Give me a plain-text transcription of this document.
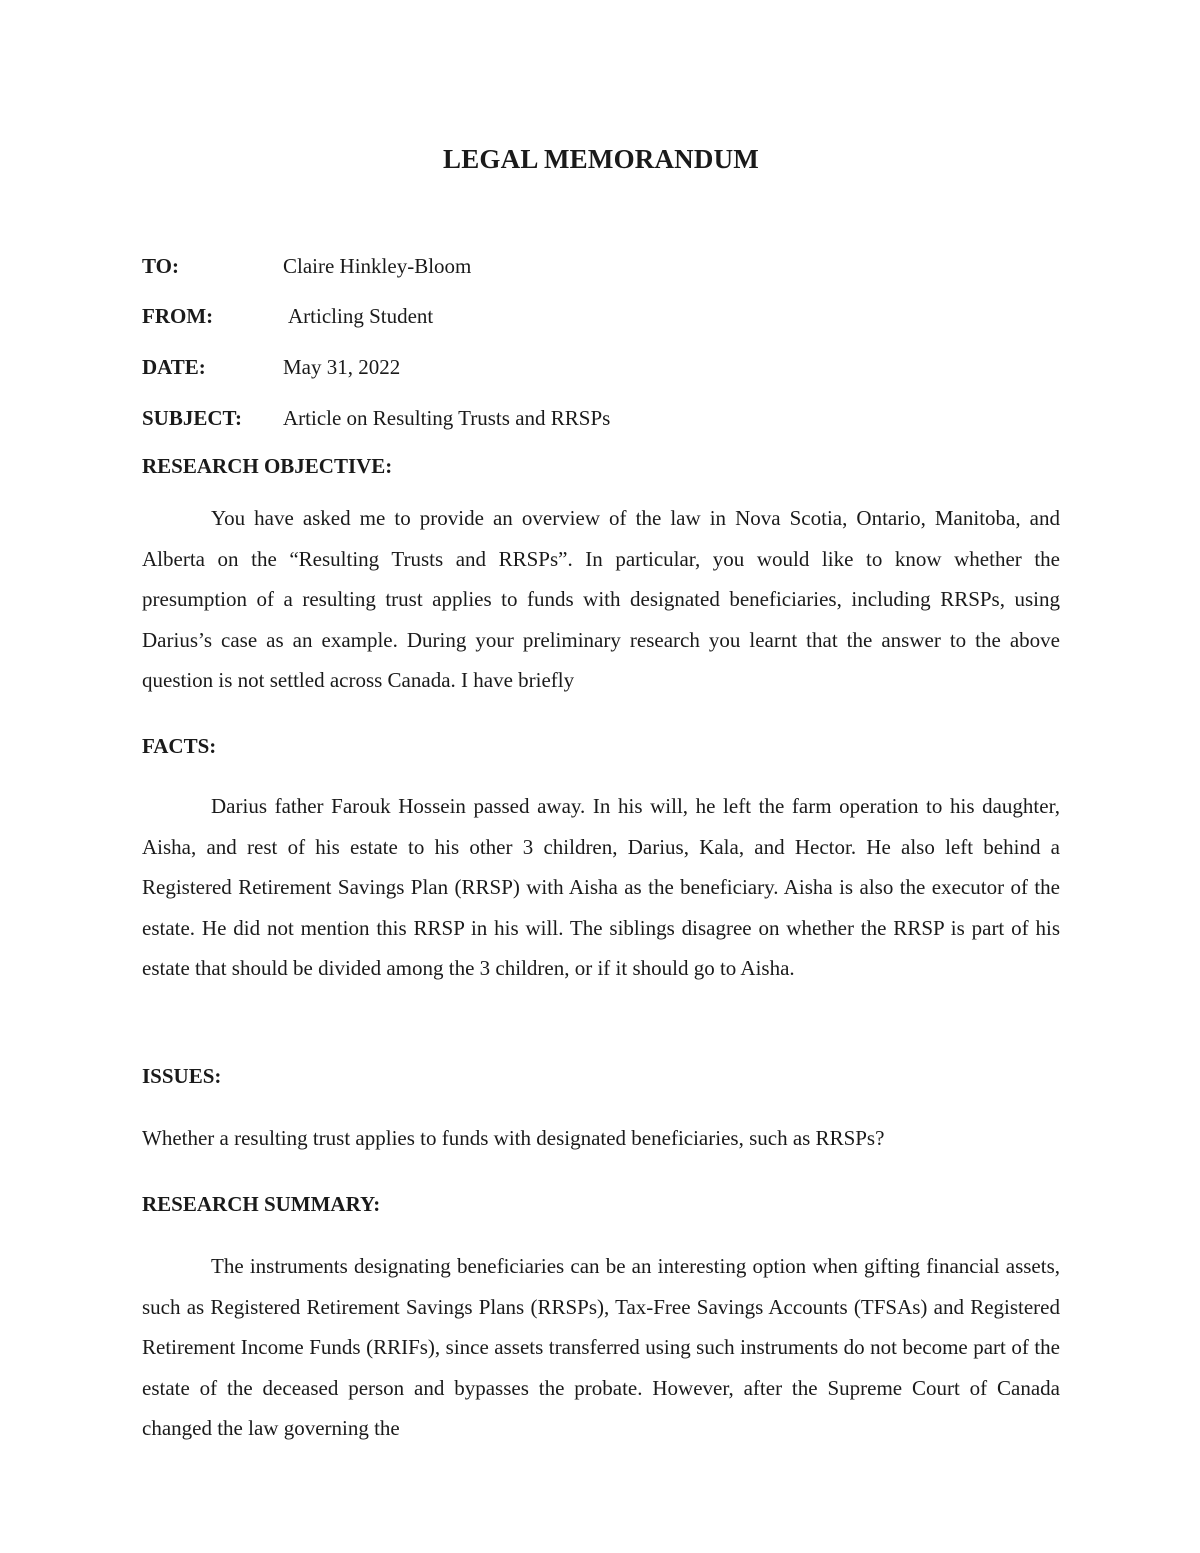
LEGAL MEMORANDUM
TO:	Claire Hinkley-Bloom
FROM:	Articling Student
DATE:	May 31, 2022
SUBJECT: Article on Resulting Trusts and RRSPs
RESEARCH OBJECTIVE:

You have asked me to provide an overview of the law in Nova Scotia, Ontario, Manitoba, and Alberta on the “Resulting Trusts and RRSPs”. In particular, you would like to know whether the presumption of a resulting trust applies to funds with designated beneficiaries, including RRSPs, using Darius’s case as an example. During your preliminary research you learnt that the answer to the above question is not settled across Canada. I have briefly

FACTS:

Darius father Farouk Hossein passed away. In his will, he left the farm operation to his daughter, Aisha, and rest of his estate to his other 3 children, Darius, Kala, and Hector. He also left behind a Registered Retirement Savings Plan (RRSP) with Aisha as the beneficiary. Aisha is also the executor of the estate. He did not mention this RRSP in his will. The siblings disagree on whether the RRSP is part of his estate that should be divided among the 3 children, or if it should go to Aisha.

ISSUES:

Whether a resulting trust applies to funds with designated beneficiaries, such as RRSPs?

RESEARCH SUMMARY:

The instruments designating beneficiaries can be an interesting option when gifting financial assets, such as Registered Retirement Savings Plans (RRSPs), Tax-Free Savings Accounts (TFSAs) and Registered Retirement Income Funds (RRIFs), since assets transferred using such instruments do not become part of the estate of the deceased person and bypasses the probate. However, after the Supreme Court of Canada changed the law governing the
